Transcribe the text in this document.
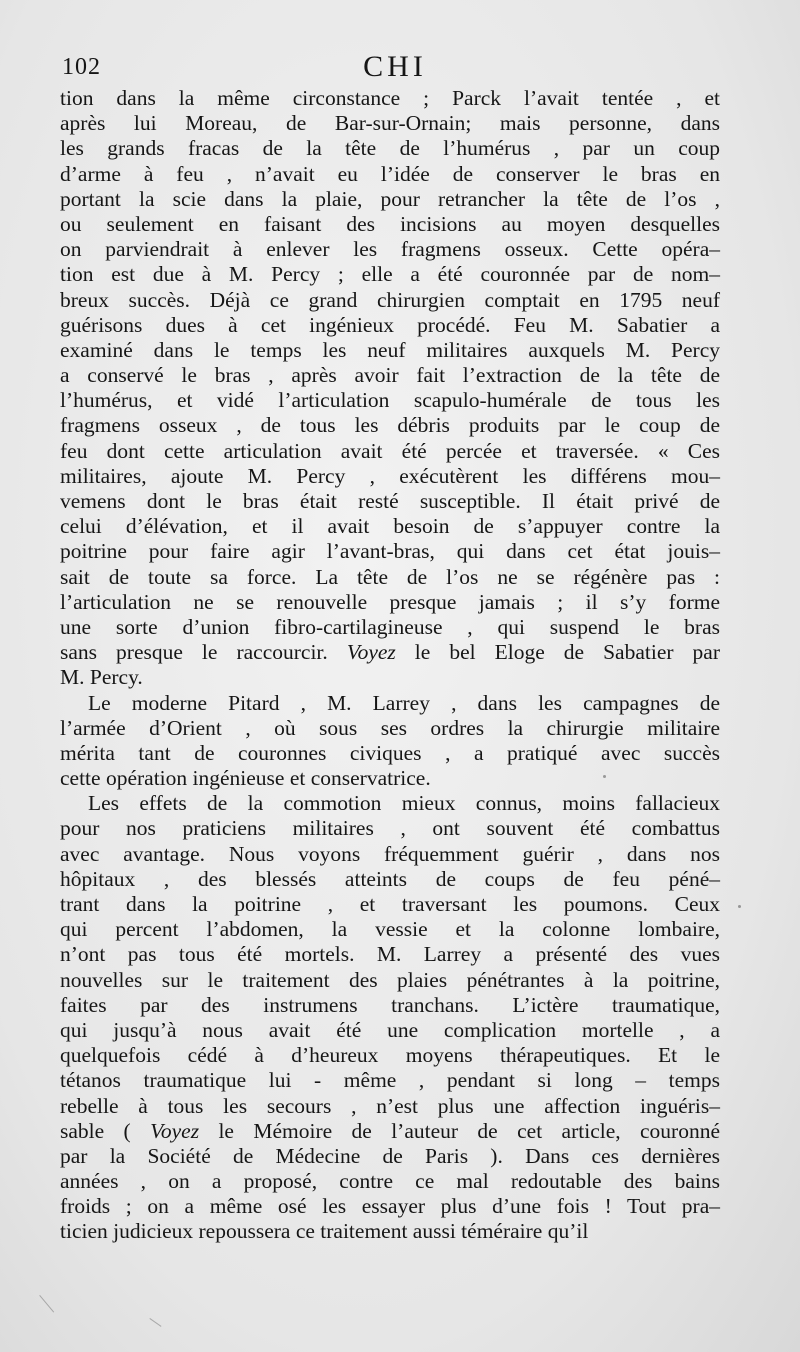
102	CHI
tion dans la même circonstance ; Parck l’avait tentée , et
après lui Moreau, de Bar-sur-Ornain; mais personne, dans
les grands fracas de la tête de l’humérus , par un coup
d’arme à feu , n’avait eu l’idée de conserver le bras en
portant la scie dans la plaie, pour retrancher la tête de l’os ,
ou seulement en faisant des incisions au moyen desquelles
on parviendrait à enlever les fragmens osseux. Cette opéra–
tion est due à M. Percy ; elle a été couronnée par de nom–
breux succès. Déjà ce grand chirurgien comptait en 1795 neuf
guérisons dues à cet ingénieux procédé. Feu M. Sabatier a
examiné dans le temps les neuf militaires auxquels M. Percy
a conservé le bras , après avoir fait l’extraction de la tête de
l’humérus, et vidé l’articulation scapulo-humérale de tous les
fragmens osseux , de tous les débris produits par le coup de
feu dont cette articulation avait été percée et traversée. « Ces
militaires, ajoute M. Percy , exécutèrent les différens mou–
vemens dont le bras était resté susceptible. Il était privé de
celui d’élévation, et il avait besoin de s’appuyer contre la
poitrine pour faire agir l’avant-bras, qui dans cet état jouis–
sait de toute sa force. La tête de l’os ne se régénère pas :
l’articulation ne se renouvelle presque jamais ; il s’y forme
une sorte d’union fibro-cartilagineuse , qui suspend le bras
sans presque le raccourcir. Voyez le bel Eloge de Sabatier par
M. Percy.
Le moderne Pitard , M. Larrey , dans les campagnes de
l’armée d’Orient , où sous ses ordres la chirurgie militaire
mérita tant de couronnes civiques , a pratiqué avec succès
cette opération ingénieuse et conservatrice.
Les effets de la commotion mieux connus, moins fallacieux
pour nos praticiens militaires , ont souvent été combattus
avec avantage. Nous voyons fréquemment guérir , dans nos
hôpitaux , des blessés atteints de coups de feu péné–
trant dans la poitrine , et traversant les poumons. Ceux
qui percent l’abdomen, la vessie et la colonne lombaire,
n’ont pas tous été mortels. M. Larrey a présenté des vues
nouvelles sur le traitement des plaies pénétrantes à la poitrine,
faites par des instrumens tranchans. L’ictère traumatique,
qui jusqu’à nous avait été une complication mortelle , a
quelquefois cédé à d’heureux moyens thérapeutiques. Et le
tétanos traumatique lui - même , pendant si long – temps
rebelle à tous les secours , n’est plus une affection inguéris–
sable ( Voyez le Mémoire de l’auteur de cet article, couronné
par la Société de Médecine de Paris ). Dans ces dernières
années , on a proposé, contre ce mal redoutable des bains
froids ; on a même osé les essayer plus d’une fois ! Tout pra–
ticien judicieux repoussera ce traitement aussi téméraire qu’il
